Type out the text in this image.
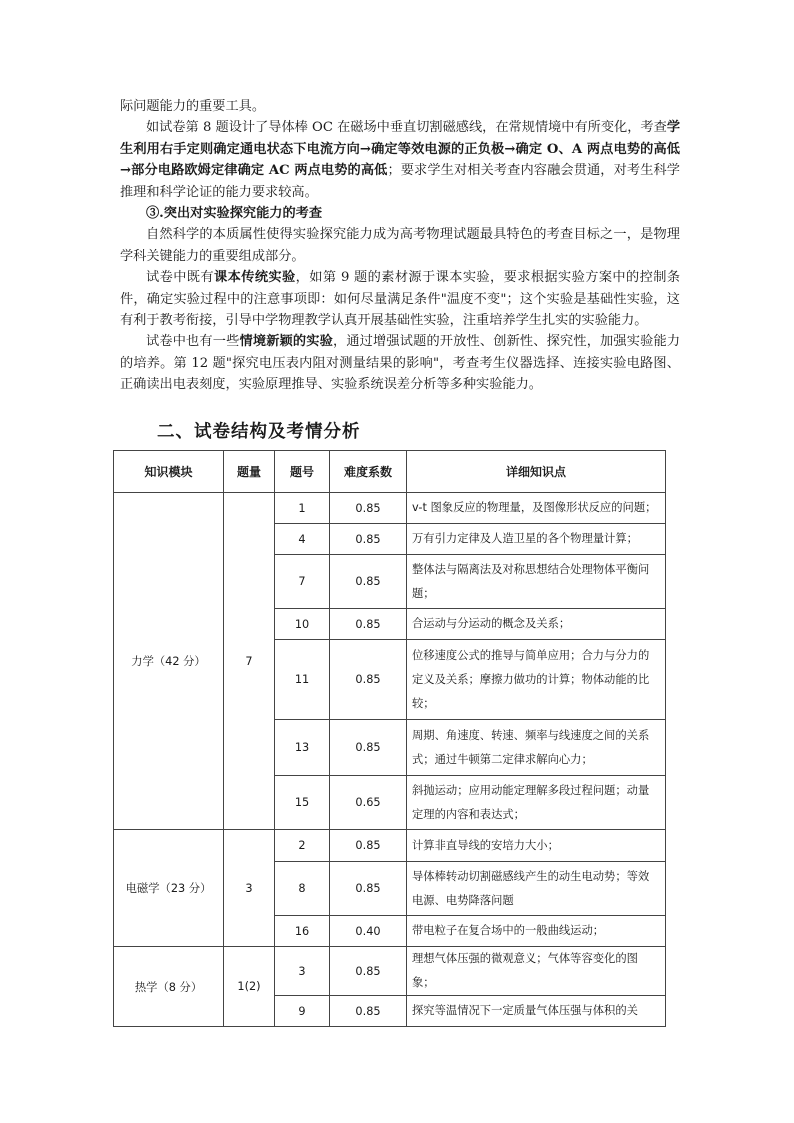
际问题能力的重要工具。

如试卷第 8 题设计了导体棒 OC 在磁场中垂直切割磁感线，在常规情境中有所变化，考查学生利用右手定则确定通电状态下电流方向→确定等效电源的正负极→确定 O、A 两点电势的高低→部分电路欧姆定律确定 AC 两点电势的高低；要求学生对相关考查内容融会贯通，对考生科学推理和科学论证的能力要求较高。

③.突出对实验探究能力的考查

自然科学的本质属性使得实验探究能力成为高考物理试题最具特色的考查目标之一，是物理学科关键能力的重要组成部分。

试卷中既有课本传统实验，如第 9 题的素材源于课本实验，要求根据实验方案中的控制条件，确定实验过程中的注意事项即：如何尽量满足条件"温度不变"；这个实验是基础性实验，这有利于教考衔接，引导中学物理教学认真开展基础性实验，注重培养学生扎实的实验能力。

试卷中也有一些情境新颖的实验，通过增强试题的开放性、创新性、探究性，加强实验能力的培养。第 12 题"探究电压表内阻对测量结果的影响"，考查考生仪器选择、连接实验电路图、正确读出电表刻度，实验原理推导、实验系统误差分析等多种实验能力。

二、试卷结构及考情分析
知识模块	题量	题号	难度系数	详细知识点
力学（42 分）	7	1	0.85	v-t 图象反应的物理量，及图像形状反应的问题；
		4	0.85	万有引力定律及人造卫星的各个物理量计算；
		7	0.85	整体法与隔离法及对称思想结合处理物体平衡问题；
		10	0.85	合运动与分运动的概念及关系；
		11	0.85	位移速度公式的推导与简单应用；合力与分力的定义及关系；摩擦力做功的计算；物体动能的比较；
		13	0.85	周期、角速度、转速、频率与线速度之间的关系式；通过牛顿第二定律求解向心力；
		15	0.65	斜抛运动；应用动能定理解多段过程问题；动量定理的内容和表达式；
电磁学（23 分）	3	2	0.85	计算非直导线的安培力大小；
		8	0.85	导体棒转动切割磁感线产生的动生电动势；等效电源、电势降落问题
		16	0.40	带电粒子在复合场中的一般曲线运动；
热学（8 分）	1(2)	3	0.85	理想气体压强的微观意义；气体等容变化的图象；
		9	0.85	探究等温情况下一定质量气体压强与体积的关
